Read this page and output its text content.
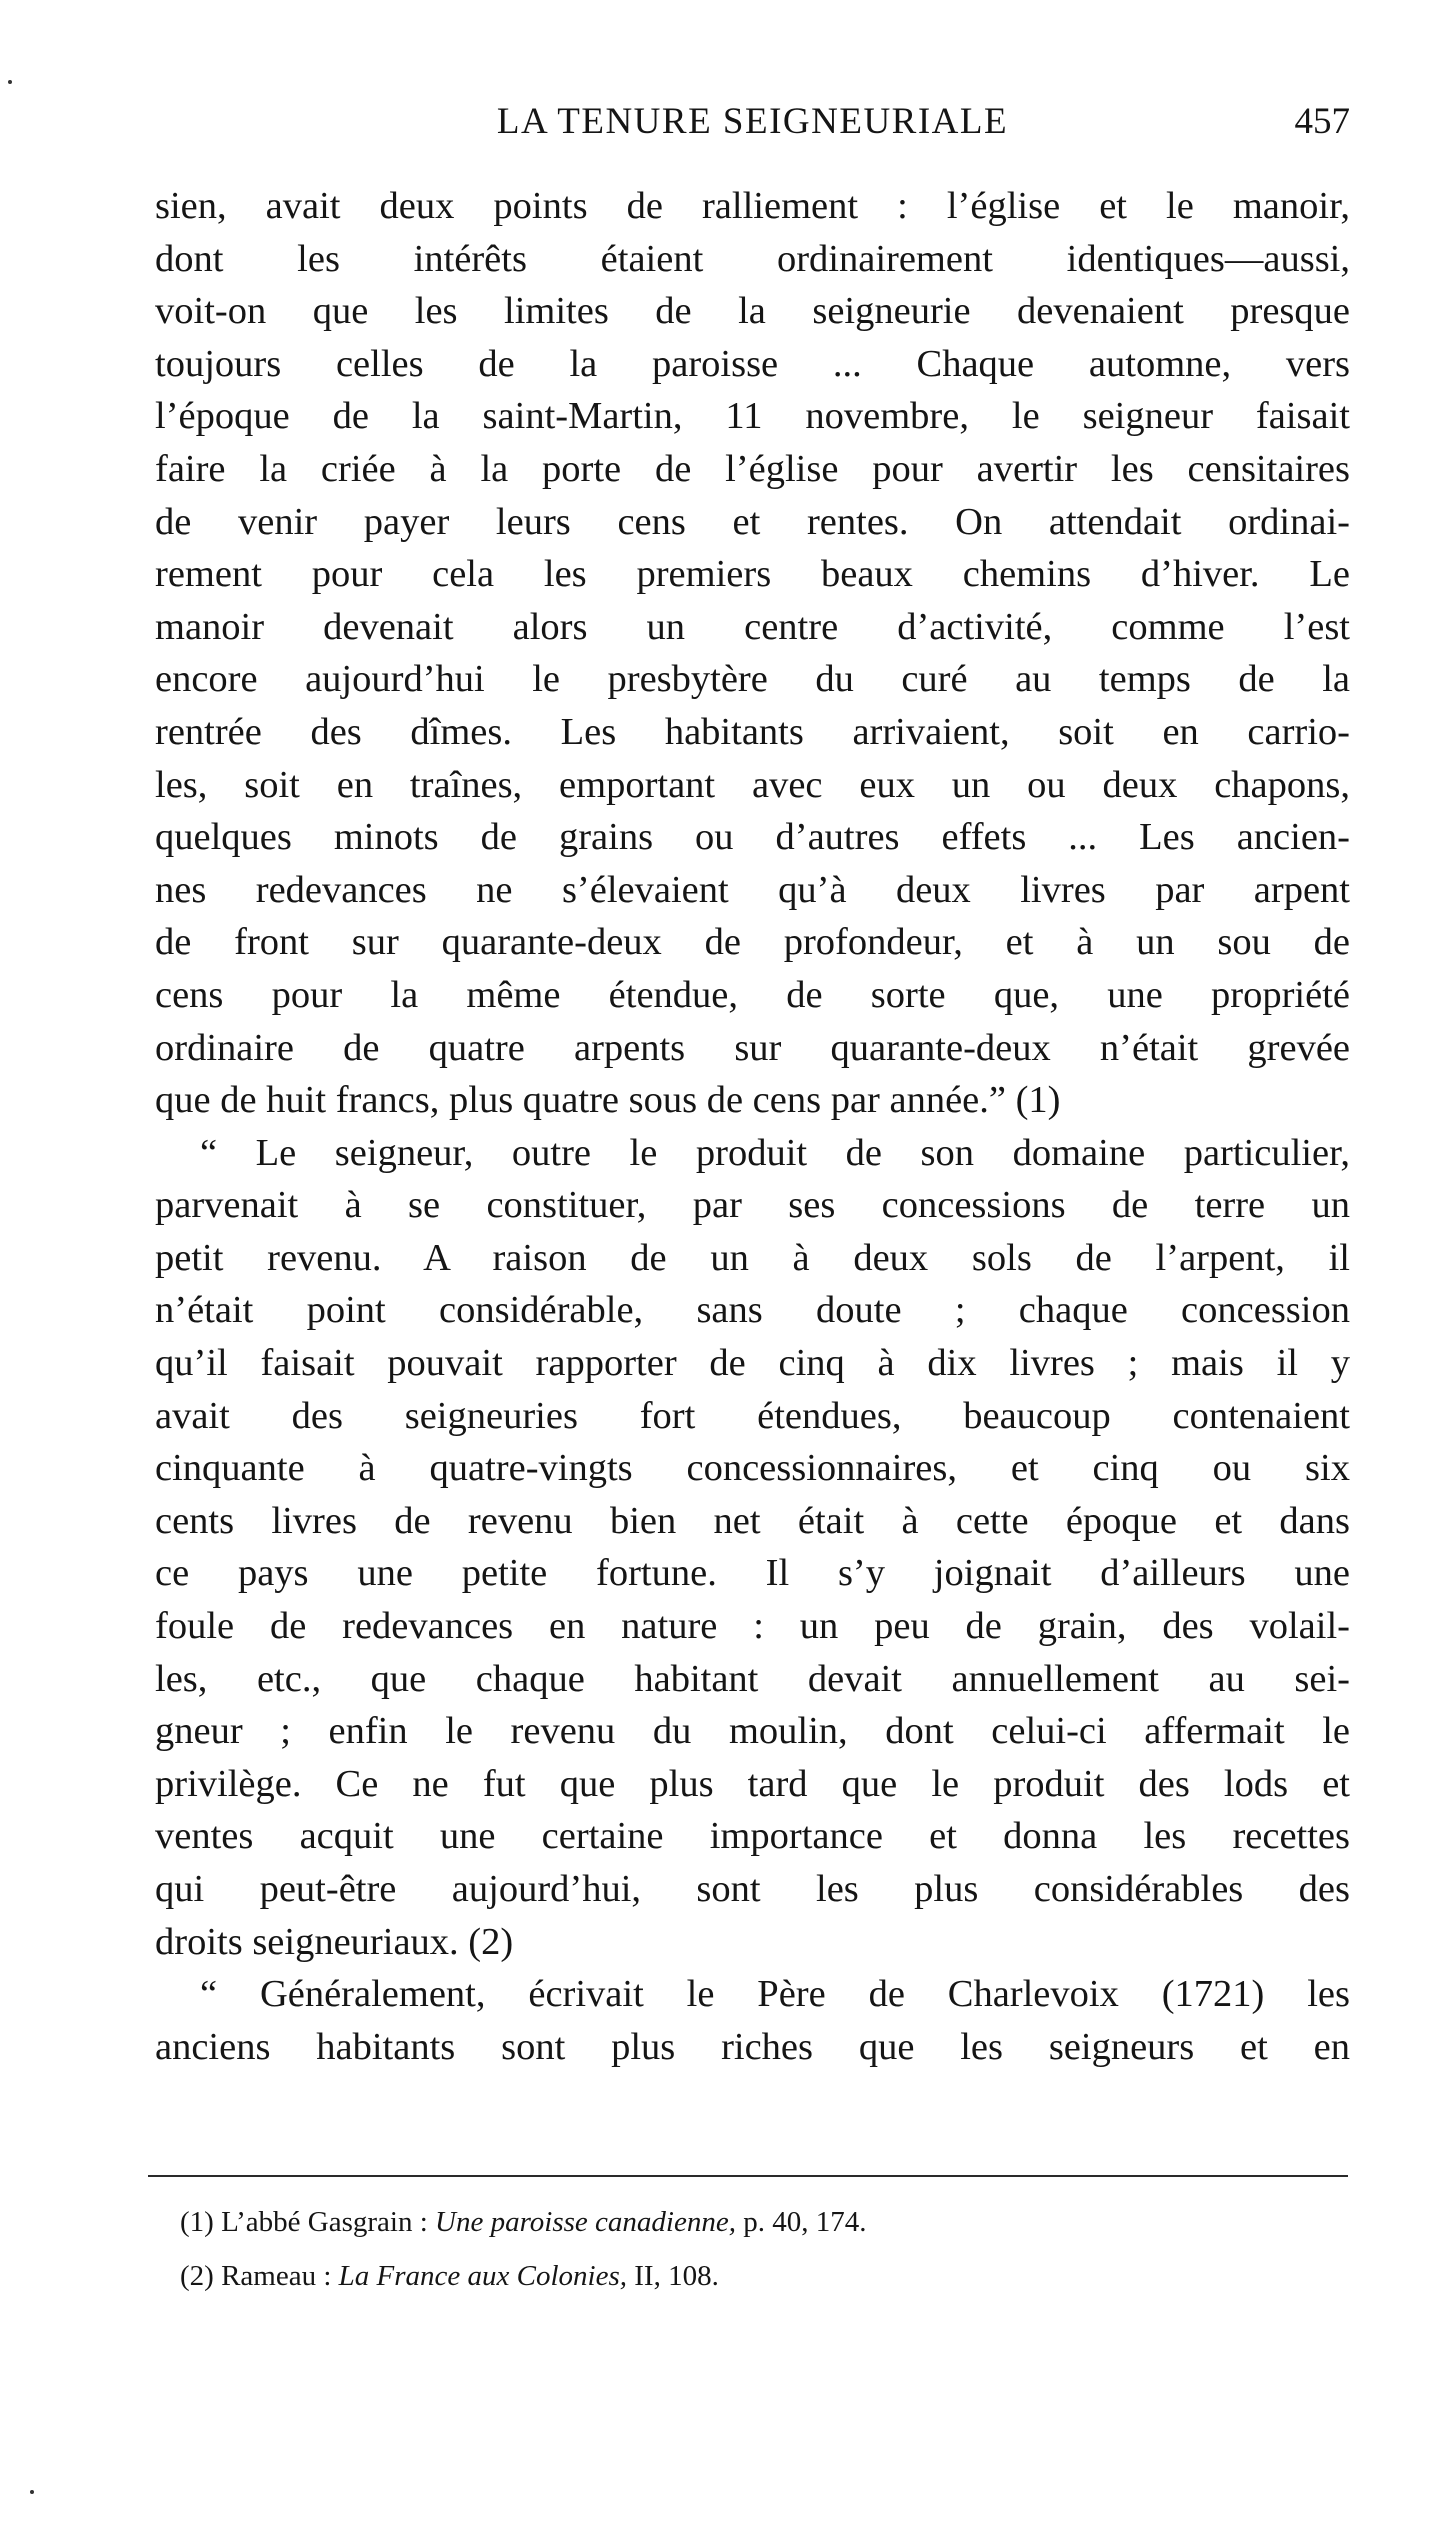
LA TENURE SEIGNEURIALE	457

sien, avait deux points de ralliement : l’église et le manoir,
dont les intérêts étaient ordinairement identiques—aussi,
voit-on que les limites de la seigneurie devenaient presque
toujours celles de la paroisse ... Chaque automne, vers
l’époque de la saint-Martin, 11 novembre, le seigneur faisait
faire la criée à la porte de l’église pour avertir les censitaires
de venir payer leurs cens et rentes. On attendait ordinai-
rement pour cela les premiers beaux chemins d’hiver. Le
manoir devenait alors un centre d’activité, comme l’est
encore aujourd’hui le presbytère du curé au temps de la
rentrée des dîmes. Les habitants arrivaient, soit en carrio-
les, soit en traînes, emportant avec eux un ou deux chapons,
quelques minots de grains ou d’autres effets ... Les ancien-
nes redevances ne s’élevaient qu’à deux livres par arpent
de front sur quarante-deux de profondeur, et à un sou de
cens pour la même étendue, de sorte que, une propriété
ordinaire de quatre arpents sur quarante-deux n’était grevée
que de huit francs, plus quatre sous de cens par année.” (1)

“ Le seigneur, outre le produit de son domaine particulier,
parvenait à se constituer, par ses concessions de terre un
petit revenu. A raison de un à deux sols de l’arpent, il
n’était point considérable, sans doute ; chaque concession
qu’il faisait pouvait rapporter de cinq à dix livres ; mais il y
avait des seigneuries fort étendues, beaucoup contenaient
cinquante à quatre-vingts concessionnaires, et cinq ou six
cents livres de revenu bien net était à cette époque et dans
ce pays une petite fortune. Il s’y joignait d’ailleurs une
foule de redevances en nature : un peu de grain, des volail-
les, etc., que chaque habitant devait annuellement au sei-
gneur ; enfin le revenu du moulin, dont celui-ci affermait le
privilège. Ce ne fut que plus tard que le produit des lods et
ventes acquit une certaine importance et donna les recettes
qui peut-être aujourd’hui, sont les plus considérables des
droits seigneuriaux. (2)

“ Généralement, écrivait le Père de Charlevoix (1721) les
anciens habitants sont plus riches que les seigneurs et en

(1) L’abbé Gasgrain : Une paroisse canadienne, p. 40, 174.
(2) Rameau : La France aux Colonies, II, 108.
